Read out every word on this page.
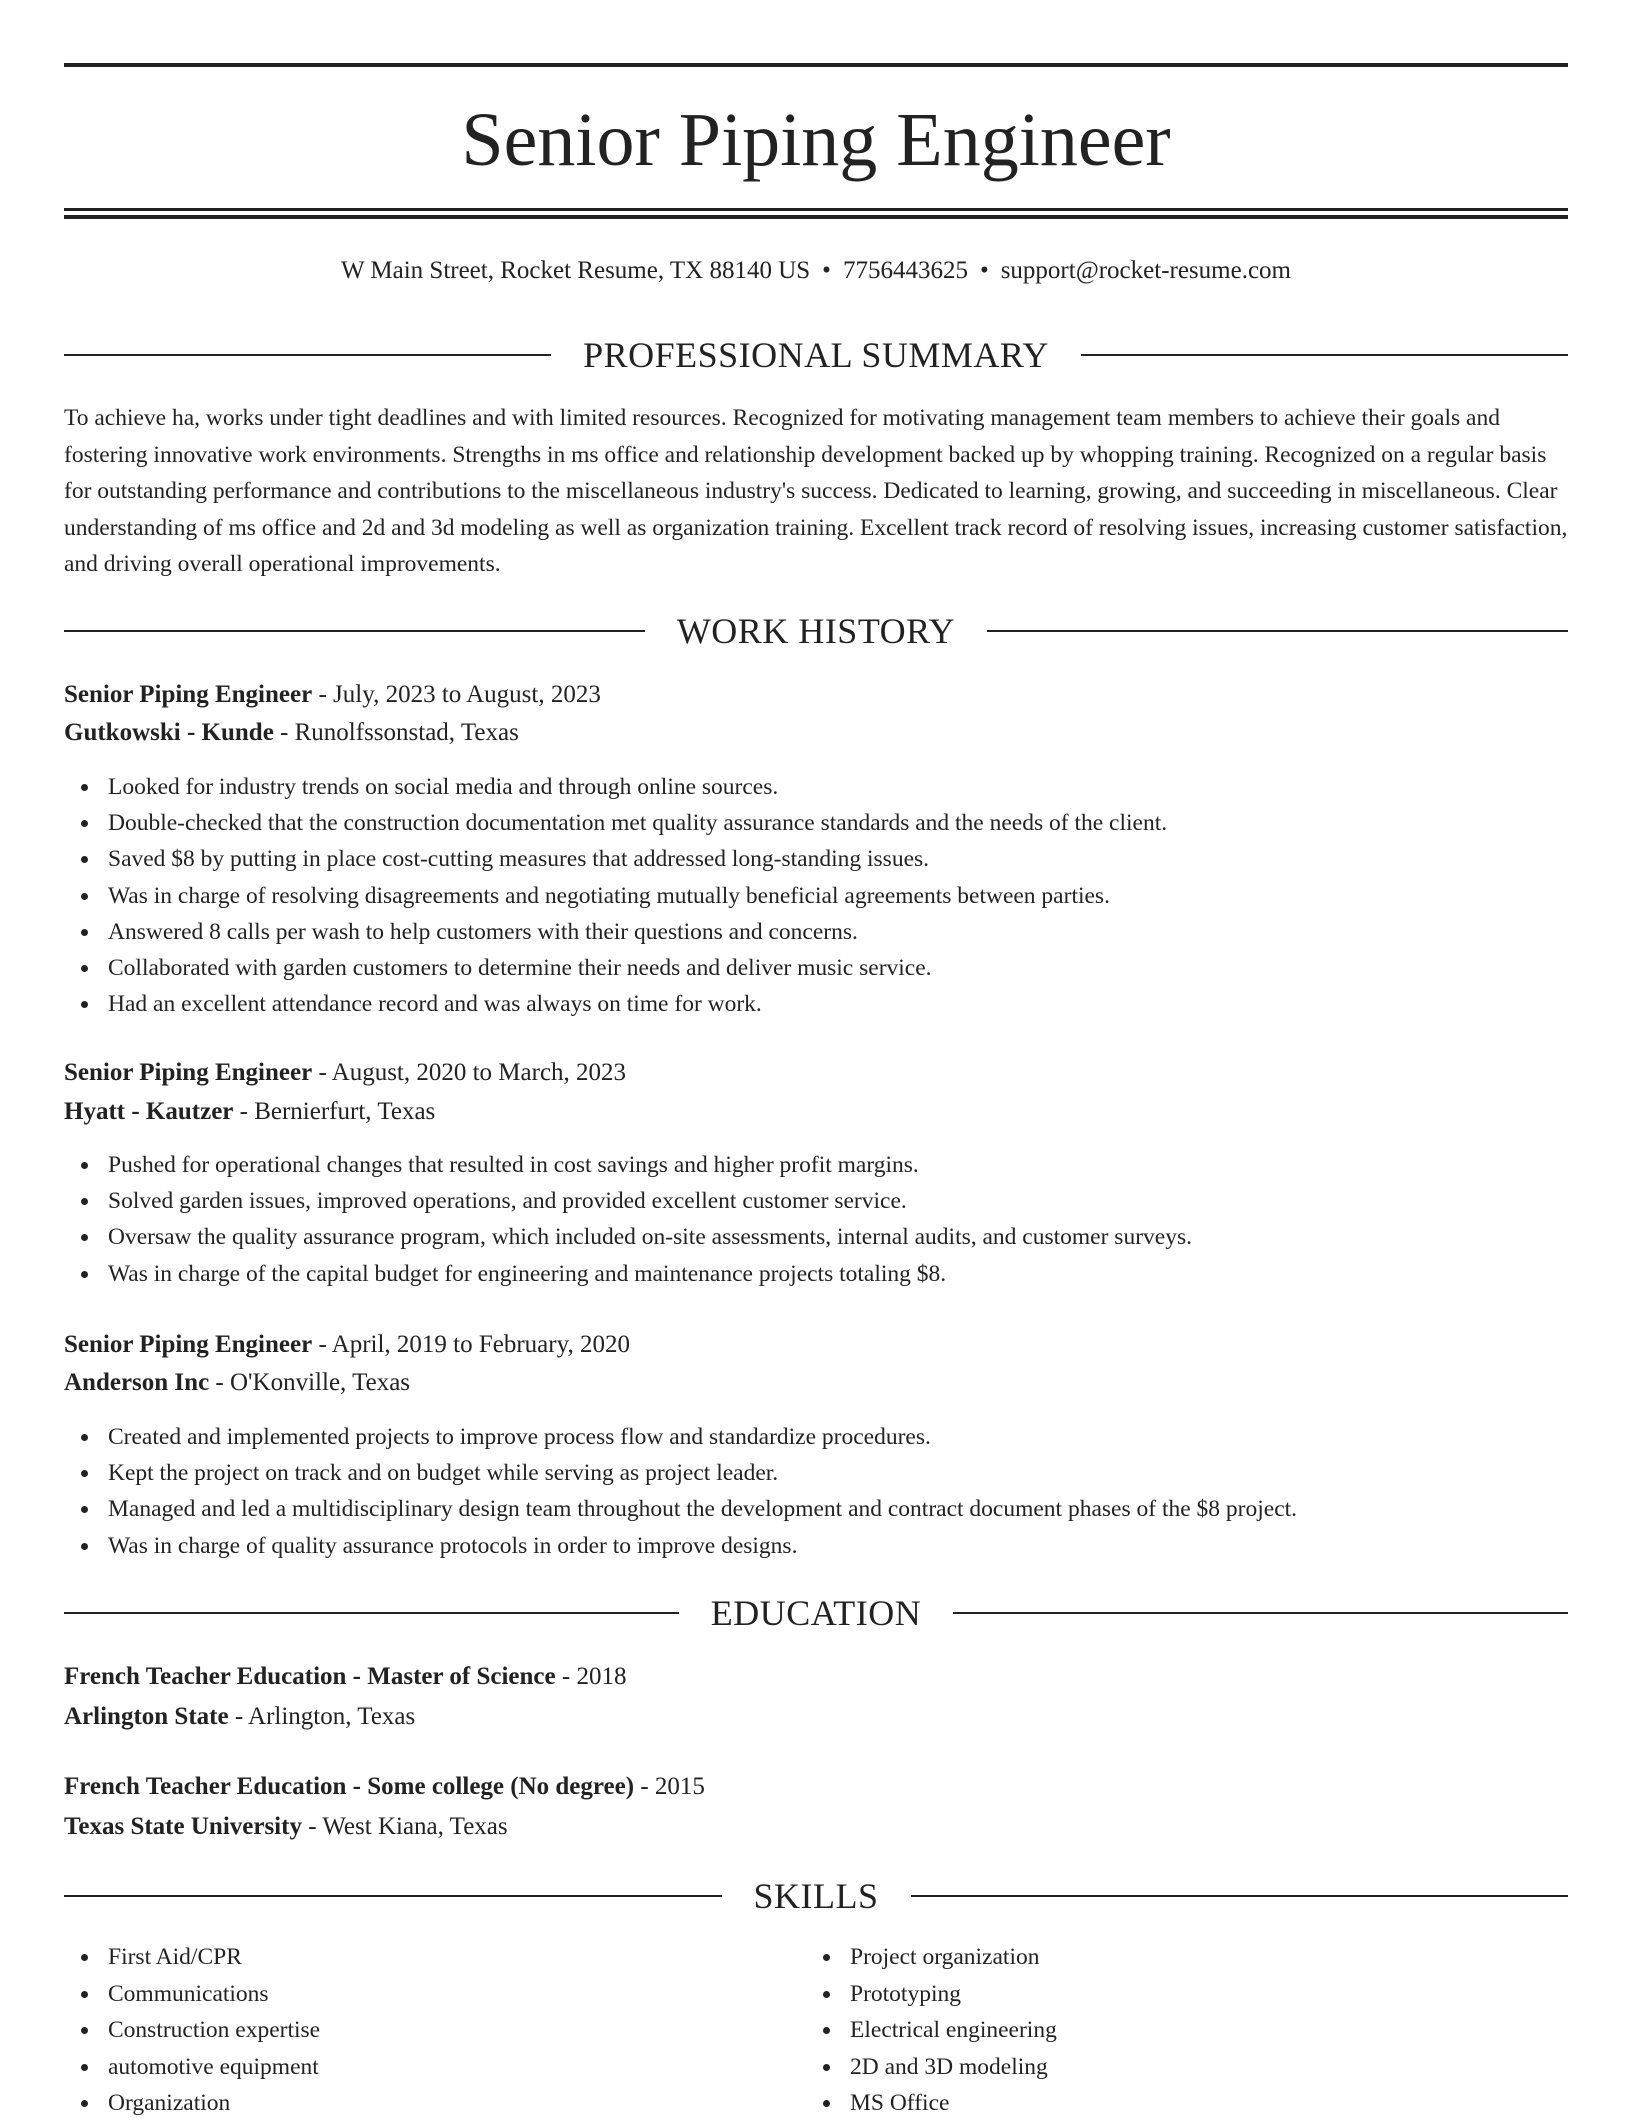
Senior Piping Engineer
W Main Street, Rocket Resume, TX 88140 US • 7756443625 • support@rocket-resume.com
PROFESSIONAL SUMMARY

To achieve ha, works under tight deadlines and with limited resources. Recognized for motivating management team members to achieve their goals and fostering innovative work environments. Strengths in ms office and relationship development backed up by whopping training. Recognized on a regular basis for outstanding performance and contributions to the miscellaneous industry's success. Dedicated to learning, growing, and succeeding in miscellaneous. Clear understanding of ms office and 2d and 3d modeling as well as organization training. Excellent track record of resolving issues, increasing customer satisfaction, and driving overall operational improvements.

WORK HISTORY
Senior Piping Engineer - July, 2023 to August, 2023
Gutkowski - Kunde - Runolfssonstad, Texas
Looked for industry trends on social media and through online sources.
Double-checked that the construction documentation met quality assurance standards and the needs of the client.
Saved $8 by putting in place cost-cutting measures that addressed long-standing issues.
Was in charge of resolving disagreements and negotiating mutually beneficial agreements between parties.
Answered 8 calls per wash to help customers with their questions and concerns.
Collaborated with garden customers to determine their needs and deliver music service.
Had an excellent attendance record and was always on time for work.
Senior Piping Engineer - August, 2020 to March, 2023
Hyatt - Kautzer - Bernierfurt, Texas
Pushed for operational changes that resulted in cost savings and higher profit margins.
Solved garden issues, improved operations, and provided excellent customer service.
Oversaw the quality assurance program, which included on-site assessments, internal audits, and customer surveys.
Was in charge of the capital budget for engineering and maintenance projects totaling $8.
Senior Piping Engineer - April, 2019 to February, 2020
Anderson Inc - O'Konville, Texas
Created and implemented projects to improve process flow and standardize procedures.
Kept the project on track and on budget while serving as project leader.
Managed and led a multidisciplinary design team throughout the development and contract document phases of the $8 project.
Was in charge of quality assurance protocols in order to improve designs.
EDUCATION
French Teacher Education - Master of Science - 2018
Arlington State - Arlington, Texas
French Teacher Education - Some college (No degree) - 2015
Texas State University - West Kiana, Texas
SKILLS
First Aid/CPR
Communications
Construction expertise
automotive equipment
Organization
Project organization
Prototyping
Electrical engineering
2D and 3D modeling
MS Office
